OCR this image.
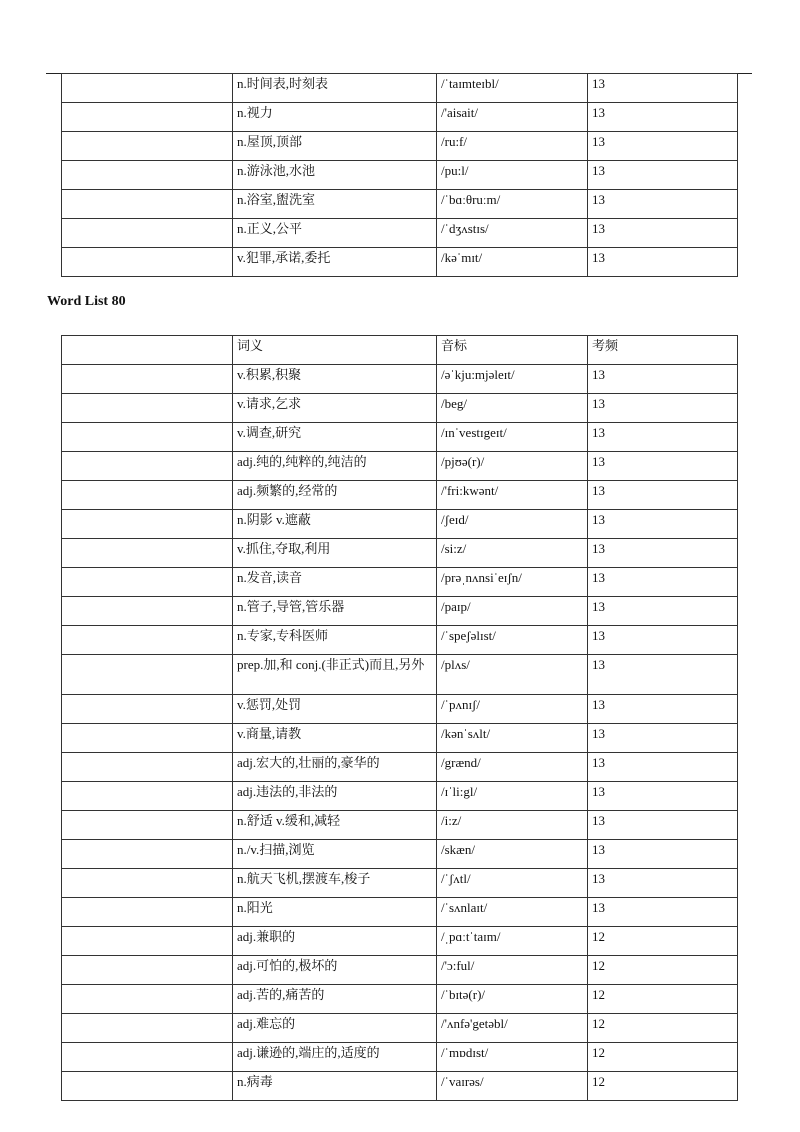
	n.时间表,时刻表	/ˈtaɪmteɪbl/	13
	n.视力	/'aisait/	13
	n.屋顶,顶部	/ru:f/	13
	n.游泳池,水池	/pu:l/	13
	n.浴室,盥洗室	/ˈbɑːθruːm/	13
	n.正义,公平	/ˈdʒʌstɪs/	13
	v.犯罪,承诺,委托	/kəˈmɪt/	13
Word List 80
	词义	音标	考频
	v.积累,积聚	/əˈkju:mjəleɪt/	13
	v.请求,乞求	/beg/	13
	v.调查,研究	/ɪnˈvestɪgeɪt/	13
	adj.纯的,纯粹的,纯洁的	/pjʊə(r)/	13
	adj.频繁的,经常的	/'fri:kwənt/	13
	n.阴影 v.遮蔽	/ʃeɪd/	13
	v.抓住,夺取,利用	/si:z/	13
	n.发音,读音	/prəˌnʌnsiˈeɪʃn/	13
	n.管子,导管,管乐器	/paɪp/	13
	n.专家,专科医师	/ˈspeʃəlɪst/	13
	prep.加,和 conj.(非正式)而且,另外	/plʌs/	13
	v.惩罚,处罚	/ˈpʌnɪʃ/	13
	v.商量,请教	/kənˈsʌlt/	13
	adj.宏大的,壮丽的,豪华的	/grænd/	13
	adj.违法的,非法的	/ɪˈli:gl/	13
	n.舒适 v.缓和,减轻	/i:z/	13
	n./v.扫描,浏览	/skæn/	13
	n.航天飞机,摆渡车,梭子	/ˈʃʌtl/	13
	n.阳光	/ˈsʌnlaɪt/	13
	adj.兼职的	/ˌpɑːtˈtaɪm/	12
	adj.可怕的,极坏的	/'ɔ:ful/	12
	adj.苦的,痛苦的	/ˈbɪtə(r)/	12
	adj.难忘的	/'ʌnfə'getəbl/	12
	adj.谦逊的,端庄的,适度的	/ˈmɒdɪst/	12
	n.病毒	/ˈvaɪrəs/	12
